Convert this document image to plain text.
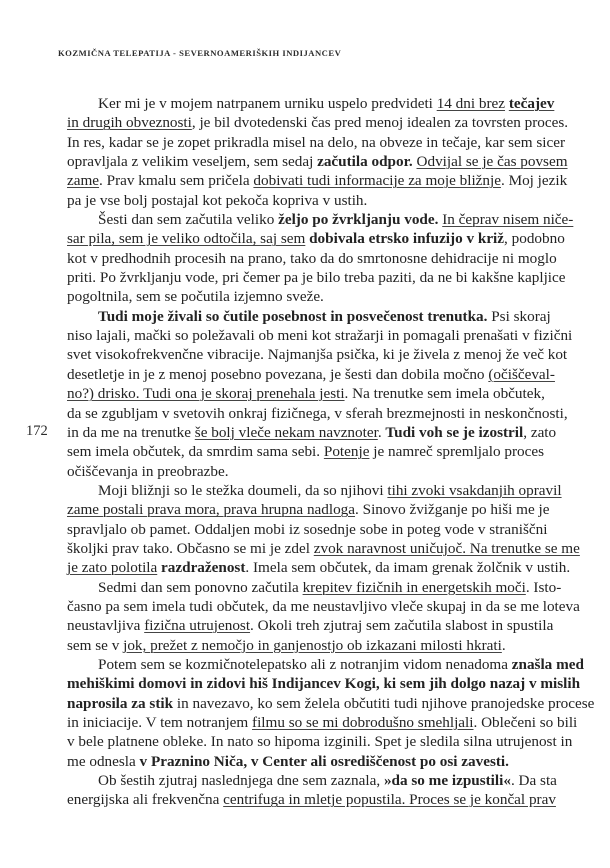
KOZMIČNA TELEPATIJA - SEVERNOAMERIŠKIH INDIJANCEV
172
Ker mi je v mojem natrpanem urniku uspelo predvideti 14 dni brez tečajev
in drugih obveznosti, je bil dvotedenski čas pred menoj idealen za tovrsten proces.
In res, kadar se je zopet prikradla misel na delo, na obveze in tečaje, kar sem sicer
opravljala z velikim veseljem, sem sedaj začutila odpor. Odvijal se je čas povsem
zame. Prav kmalu sem pričela dobivati tudi informacije za moje bližnje. Moj jezik
pa je vse bolj postajal kot pekoča kopriva v ustih.
Šesti dan sem začutila veliko željo po žvrkljanju vode. In čeprav nisem niče-
sar pila, sem je veliko odtočila, saj sem dobivala etrsko infuzijo v križ, podobno
kot v predhodnih procesih na prano, tako da do smrtonosne dehidracije ni moglo
priti. Po žvrkljanju vode, pri čemer pa je bilo treba paziti, da ne bi kakšne kapljice
pogoltnila, sem se počutila izjemno sveže.
Tudi moje živali so čutile posebnost in posvečenost trenutka. Psi skoraj
niso lajali, mački so poležavali ob meni kot stražarji in pomagali prenašati v fizični
svet visokofrekvenčne vibracije. Najmanjša psička, ki je živela z menoj že več kot
desetletje in je z menoj posebno povezana, je šesti dan dobila močno (očiščeval-
no?) drisko. Tudi ona je skoraj prenehala jesti. Na trenutke sem imela občutek,
da se zgubljam v svetovih onkraj fizičnega, v sferah brezmejnosti in neskončnosti,
in da me na trenutke še bolj vleče nekam navznoter. Tudi voh se je izostril, zato
sem imela občutek, da smrdim sama sebi. Potenje je namreč spremljalo proces
očiščevanja in preobrazbe.
Moji bližnji so le stežka doumeli, da so njihovi tihi zvoki vsakdanjih opravil
zame postali prava mora, prava hrupna nadloga. Sinovo žvižganje po hiši me je
spravljalo ob pamet. Oddaljen mobi iz sosednje sobe in poteg vode v straniščni
školjki prav tako. Občasno se mi je zdel zvok naravnost uničujoč. Na trenutke se me
je zato polotila razdraženost. Imela sem občutek, da imam grenak žolčnik v ustih.
Sedmi dan sem ponovno začutila krepitev fizičnih in energetskih moči. Isto-
časno pa sem imela tudi občutek, da me neustavljivo vleče skupaj in da se me loteva
neustavljiva fizična utrujenost. Okoli treh zjutraj sem začutila slabost in spustila
sem se v jok, prežet z nemočjo in ganjenostjo ob izkazani milosti hkrati.
Potem sem se kozmičnotelepatsko ali z notranjim vidom nenadoma znašla med
mehiškimi domovi in zidovi hiš Indijancev Kogi, ki sem jih dolgo nazaj v mislih
naprosila za stik in navezavo, ko sem želela občutiti tudi njihove pranojedske procese
in iniciacije. V tem notranjem filmu so se mi dobrodušno smehljali. Oblečeni so bili
v bele platnene obleke. In nato so hipoma izginili. Spet je sledila silna utrujenost in
me odnesla v Praznino Niča, v Center ali osrediščenost po osi zavesti.
Ob šestih zjutraj naslednjega dne sem zaznala, »da so me izpustili«. Da sta
energijska ali frekvenčna centrifuga in mletje popustila. Proces se je končal prav
